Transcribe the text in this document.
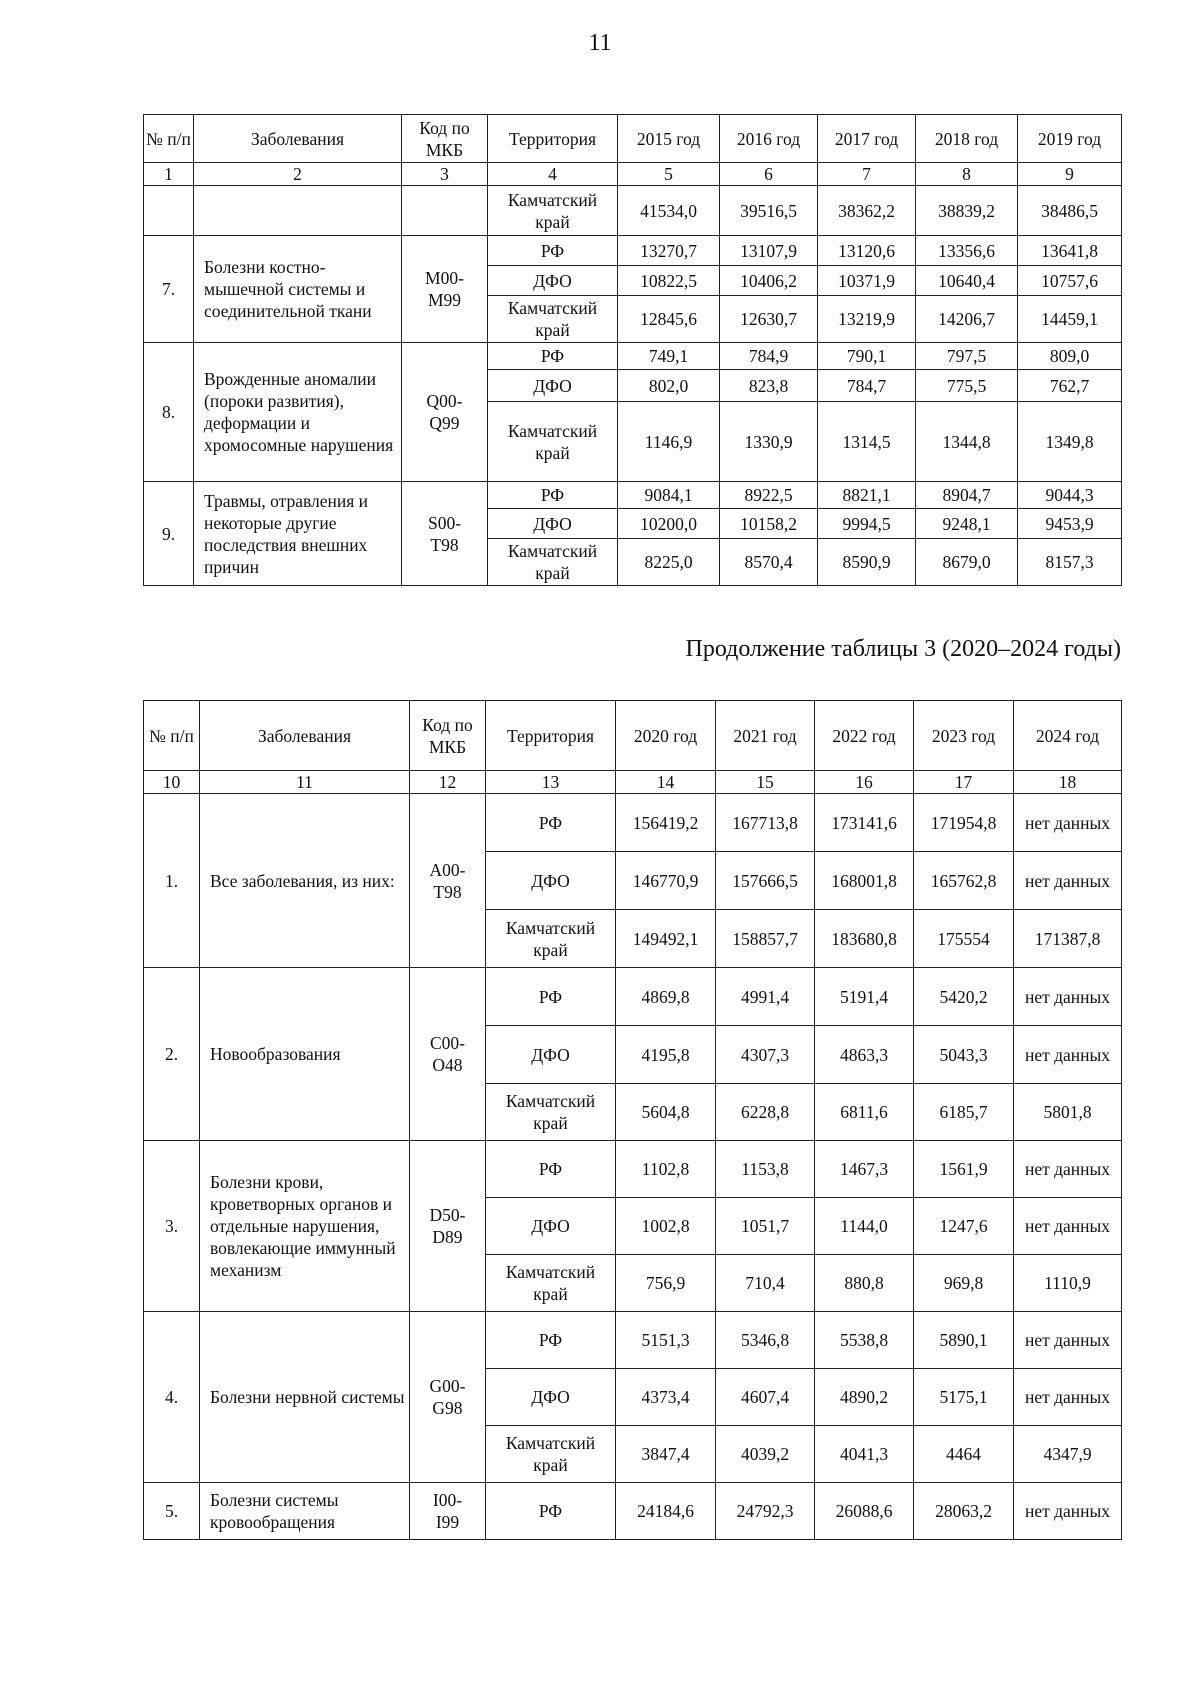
11
№ п/п	Заболевания	Код по МКБ	Территория	2015 год	2016 год	2017 год	2018 год	2019 год
1	2	3	4	5	6	7	8	9
			Камчатский край	41534,0	39516,5	38362,2	38839,2	38486,5
7.	Болезни костно-мышечной системы и соединительной ткани	M00-M99	РФ	13270,7	13107,9	13120,6	13356,6	13641,8
			ДФО	10822,5	10406,2	10371,9	10640,4	10757,6
			Камчатский край	12845,6	12630,7	13219,9	14206,7	14459,1
8.	Врожденные аномалии (пороки развития), деформации и хромосомные нарушения	Q00-Q99	РФ	749,1	784,9	790,1	797,5	809,0
			ДФО	802,0	823,8	784,7	775,5	762,7
			Камчатский край	1146,9	1330,9	1314,5	1344,8	1349,8
9.	Травмы, отравления и некоторые другие последствия внешних причин	S00-T98	РФ	9084,1	8922,5	8821,1	8904,7	9044,3
			ДФО	10200,0	10158,2	9994,5	9248,1	9453,9
			Камчатский край	8225,0	8570,4	8590,9	8679,0	8157,3
Продолжение таблицы 3 (2020–2024 годы)
№ п/п	Заболевания	Код по МКБ	Территория	2020 год	2021 год	2022 год	2023 год	2024 год
10	11	12	13	14	15	16	17	18
1.	Все заболевания, из них:	A00-T98	РФ	156419,2	167713,8	173141,6	171954,8	нет данных
			ДФО	146770,9	157666,5	168001,8	165762,8	нет данных
			Камчатский край	149492,1	158857,7	183680,8	175554	171387,8
2.	Новообразования	C00-O48	РФ	4869,8	4991,4	5191,4	5420,2	нет данных
			ДФО	4195,8	4307,3	4863,3	5043,3	нет данных
			Камчатский край	5604,8	6228,8	6811,6	6185,7	5801,8
3.	Болезни крови, кроветворных органов и отдельные нарушения, вовлекающие иммунный механизм	D50-D89	РФ	1102,8	1153,8	1467,3	1561,9	нет данных
			ДФО	1002,8	1051,7	1144,0	1247,6	нет данных
			Камчатский край	756,9	710,4	880,8	969,8	1110,9
4.	Болезни нервной системы	G00-G98	РФ	5151,3	5346,8	5538,8	5890,1	нет данных
			ДФО	4373,4	4607,4	4890,2	5175,1	нет данных
			Камчатский край	3847,4	4039,2	4041,3	4464	4347,9
5.	Болезни системы кровообращения	I00-I99	РФ	24184,6	24792,3	26088,6	28063,2	нет данных
